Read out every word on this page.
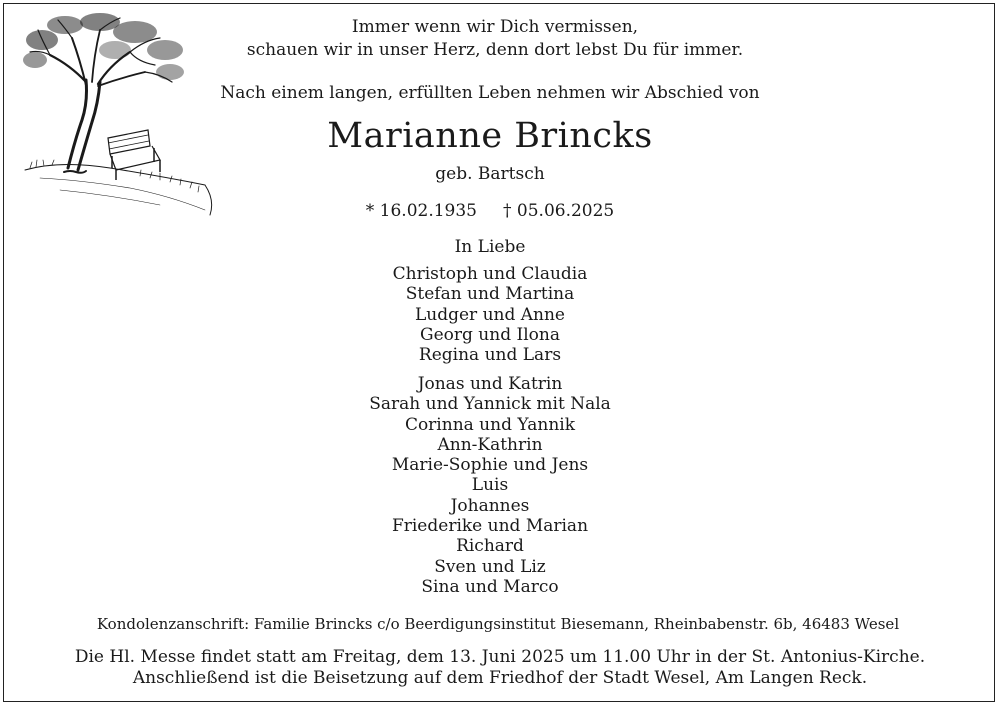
Immer wenn wir Dich vermissen,
schauen wir in unser Herz, denn dort lebst Du für immer.
Nach einem langen, erfüllten Leben nehmen wir Abschied von
Marianne Brincks
geb. Bartsch
* 16.02.1935 † 05.06.2025
In Liebe
Christoph und Claudia
Stefan und Martina
Ludger und Anne
Georg und Ilona
Regina und Lars
Jonas und Katrin
Sarah und Yannick mit Nala
Corinna und Yannik
Ann-Kathrin
Marie-Sophie und Jens
Luis
Johannes
Friederike und Marian
Richard
Sven und Liz
Sina und Marco
Kondolenzanschrift: Familie Brincks c/o Beerdigungsinstitut Biesemann, Rheinbabenstr. 6b, 46483 Wesel
Die Hl. Messe findet statt am Freitag, dem 13. Juni 2025 um 11.00 Uhr in der St. Antonius-Kirche.
Anschließend ist die Beisetzung auf dem Friedhof der Stadt Wesel, Am Langen Reck.
